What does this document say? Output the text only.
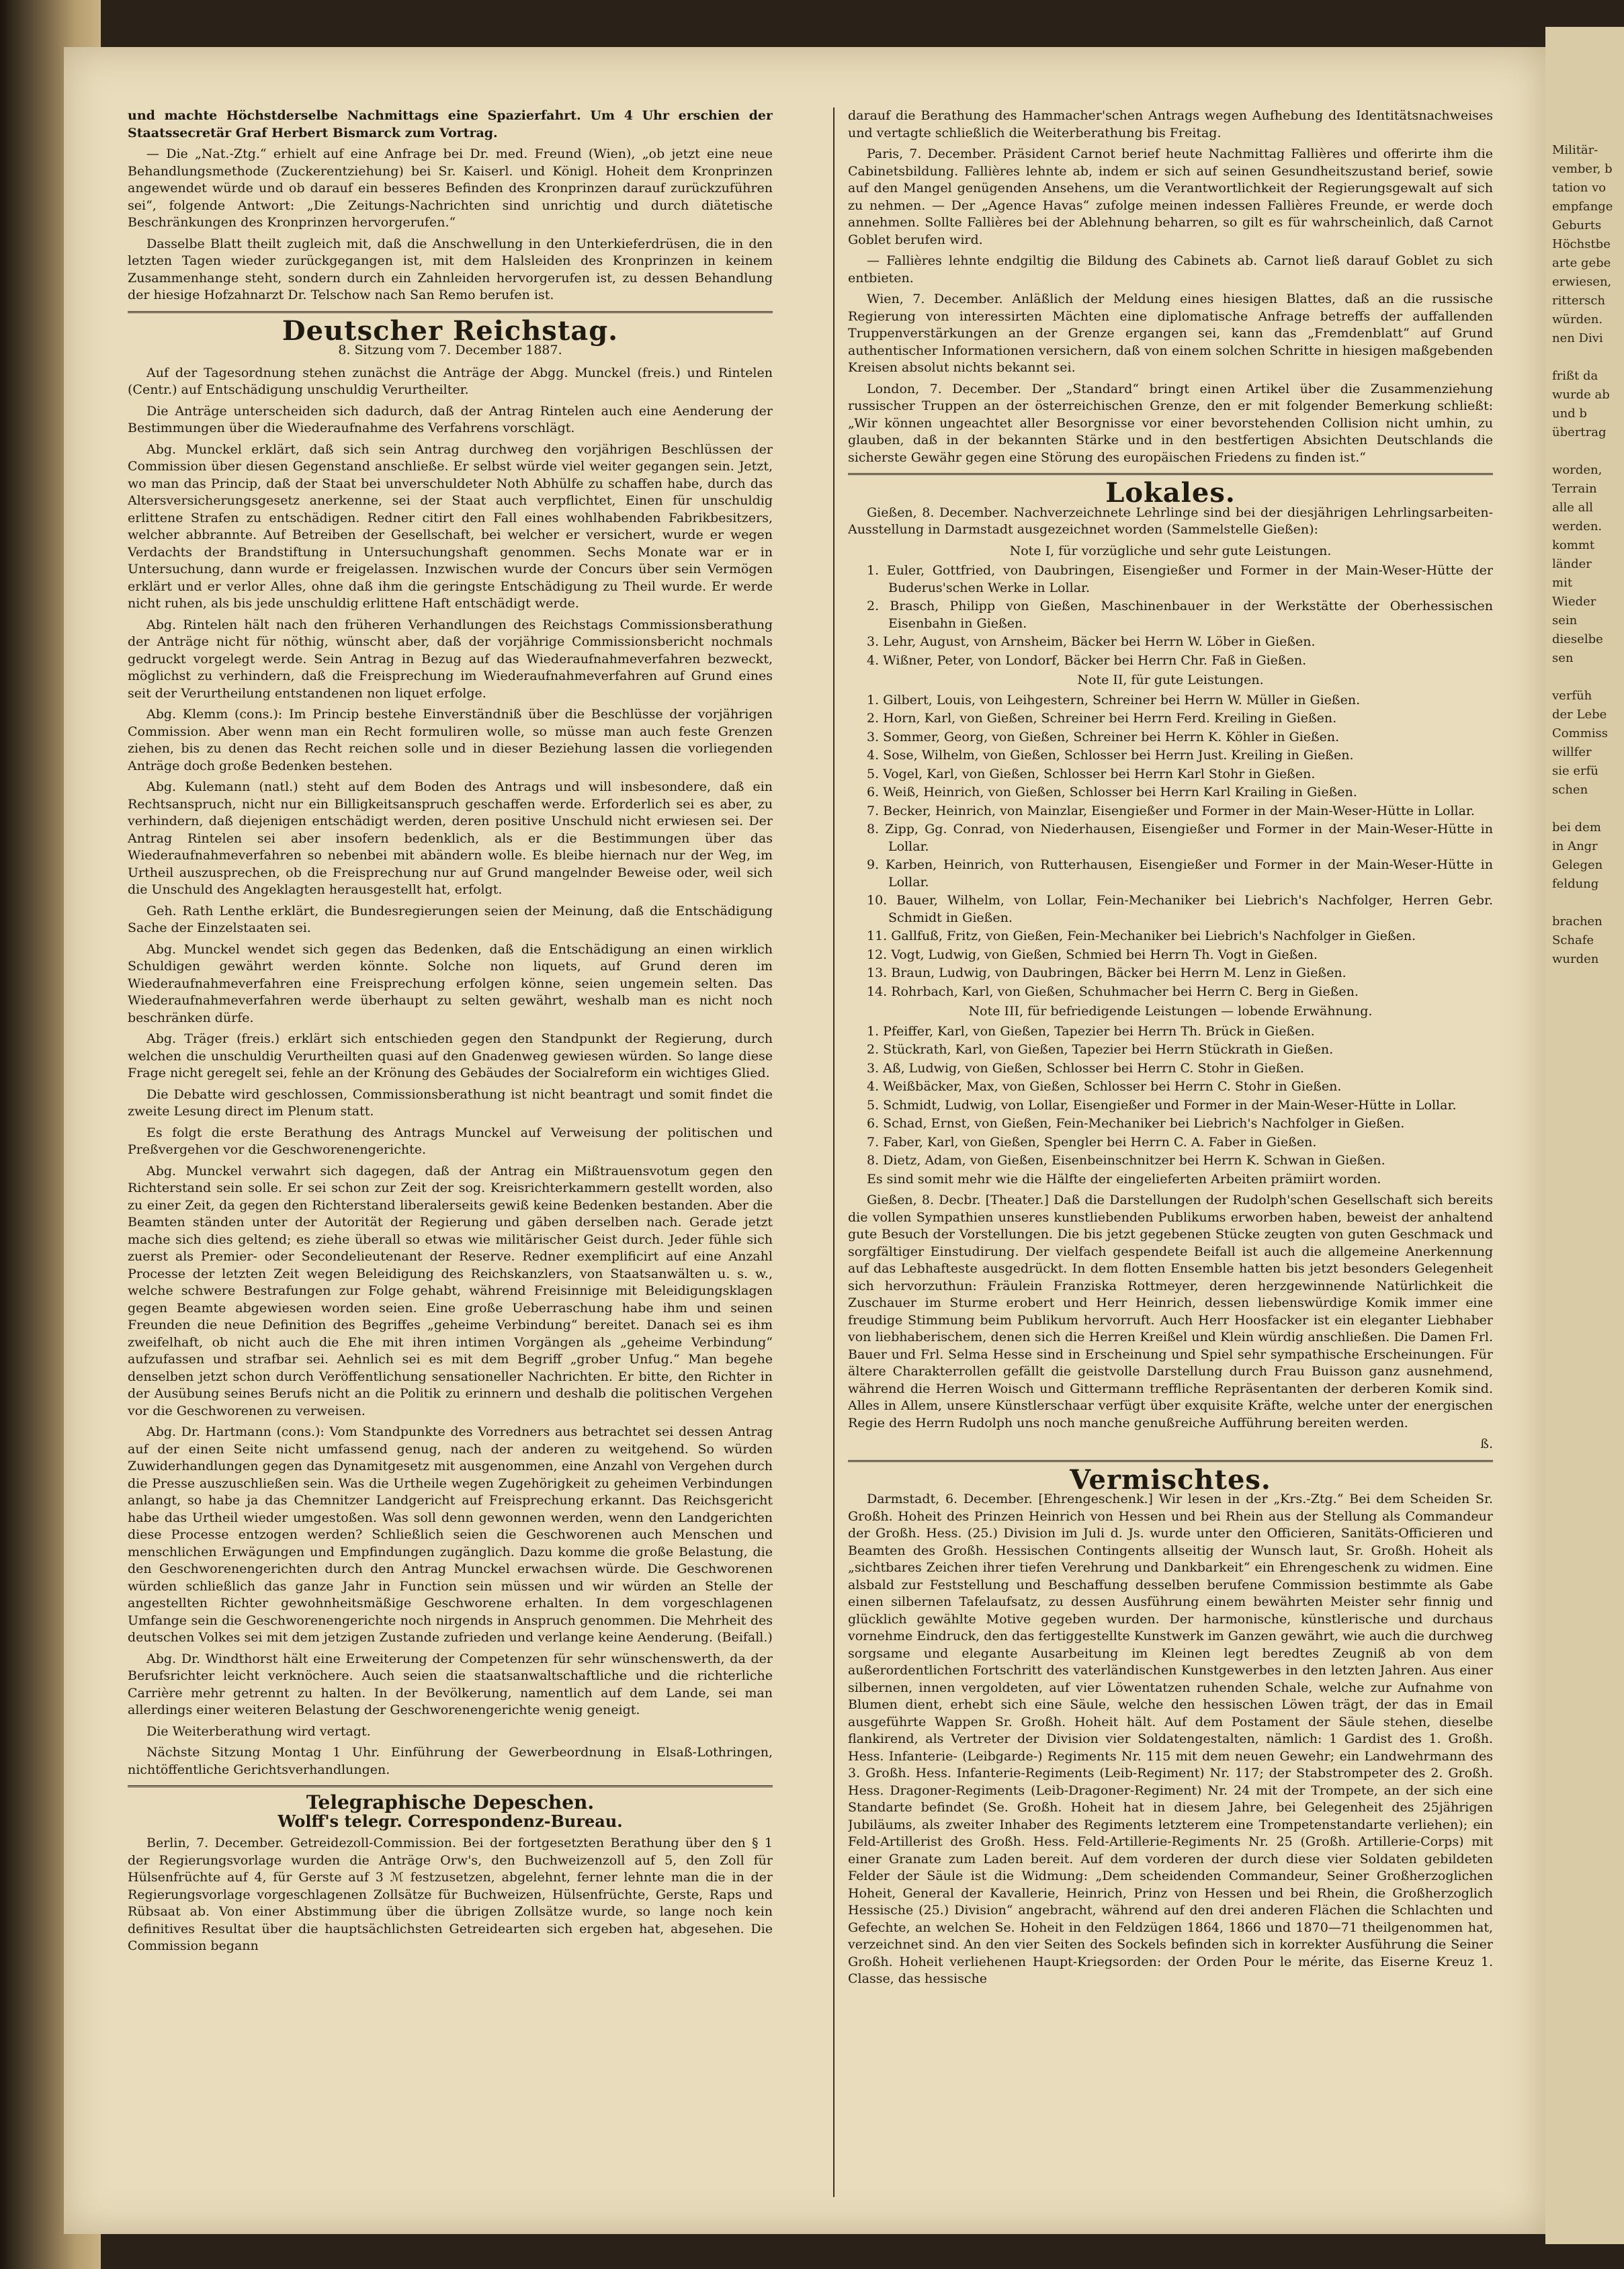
Militär-
vember, b
tation vo
empfange
Geburts
Höchstbe
arte gebe
erwiesen,
rittersch
würden.
nen Divi

frißt da
wurde ab
und b
übertrag

worden,
Terrain
alle all
werden.
kommt
länder
mit
Wieder
sein
dieselbe
sen

verfüh
der Lebe
Commiss
willfer
sie erfü
schen

bei dem
in Angr
Gelegen
feldung

brachen
Schafe
wurden

und machte Höchstderselbe Nachmittags eine Spazierfahrt. Um 4 Uhr erschien der Staatssecretär Graf Herbert Bismarck zum Vortrag.

— Die „Nat.-Ztg.“ erhielt auf eine Anfrage bei Dr. med. Freund (Wien), „ob jetzt eine neue Behandlungsmethode (Zuckerentziehung) bei Sr. Kaiserl. und Königl. Hoheit dem Kronprinzen angewendet würde und ob darauf ein besseres Befinden des Kronprinzen darauf zurückzuführen sei“, folgende Antwort: „Die Zeitungs-Nachrichten sind unrichtig und durch diätetische Beschränkungen des Kronprinzen hervorgerufen.“

Dasselbe Blatt theilt zugleich mit, daß die Anschwellung in den Unterkieferdrüsen, die in den letzten Tagen wieder zurückgegangen ist, mit dem Halsleiden des Kronprinzen in keinem Zusammenhange steht, sondern durch ein Zahnleiden hervorgerufen ist, zu dessen Behandlung der hiesige Hofzahnarzt Dr. Telschow nach San Remo berufen ist.

Deutscher Reichstag.
8. Sitzung vom 7. December 1887.

Auf der Tagesordnung stehen zunächst die Anträge der Abgg. Munckel (freis.) und Rintelen (Centr.) auf Entschädigung unschuldig Verurtheilter.

Die Anträge unterscheiden sich dadurch, daß der Antrag Rintelen auch eine Aenderung der Bestimmungen über die Wiederaufnahme des Verfahrens vorschlägt.

Abg. Munckel erklärt, daß sich sein Antrag durchweg den vorjährigen Beschlüssen der Commission über diesen Gegenstand anschließe. Er selbst würde viel weiter gegangen sein. Jetzt, wo man das Princip, daß der Staat bei unverschuldeter Noth Abhülfe zu schaffen habe, durch das Altersversicherungsgesetz anerkenne, sei der Staat auch verpflichtet, Einen für unschuldig erlittene Strafen zu entschädigen. Redner citirt den Fall eines wohlhabenden Fabrikbesitzers, welcher abbrannte. Auf Betreiben der Gesellschaft, bei welcher er versichert, wurde er wegen Verdachts der Brandstiftung in Untersuchungshaft genommen. Sechs Monate war er in Untersuchung, dann wurde er freigelassen. Inzwischen wurde der Concurs über sein Vermögen erklärt und er verlor Alles, ohne daß ihm die geringste Entschädigung zu Theil wurde. Er werde nicht ruhen, als bis jede unschuldig erlittene Haft entschädigt werde.

Abg. Rintelen hält nach den früheren Verhandlungen des Reichstags Commissionsberathung der Anträge nicht für nöthig, wünscht aber, daß der vorjährige Commissionsbericht nochmals gedruckt vorgelegt werde. Sein Antrag in Bezug auf das Wiederaufnahmeverfahren bezweckt, möglichst zu verhindern, daß die Freisprechung im Wiederaufnahmeverfahren auf Grund eines seit der Verurtheilung entstandenen non liquet erfolge.

Abg. Klemm (cons.): Im Princip bestehe Einverständniß über die Beschlüsse der vorjährigen Commission. Aber wenn man ein Recht formuliren wolle, so müsse man auch feste Grenzen ziehen, bis zu denen das Recht reichen solle und in dieser Beziehung lassen die vorliegenden Anträge doch große Bedenken bestehen.

Abg. Kulemann (natl.) steht auf dem Boden des Antrags und will insbesondere, daß ein Rechtsanspruch, nicht nur ein Billigkeitsanspruch geschaffen werde. Erforderlich sei es aber, zu verhindern, daß diejenigen entschädigt werden, deren positive Unschuld nicht erwiesen sei. Der Antrag Rintelen sei aber insofern bedenklich, als er die Bestimmungen über das Wiederaufnahmeverfahren so nebenbei mit abändern wolle. Es bleibe hiernach nur der Weg, im Urtheil auszusprechen, ob die Freisprechung nur auf Grund mangelnder Beweise oder, weil sich die Unschuld des Angeklagten herausgestellt hat, erfolgt.

Geh. Rath Lenthe erklärt, die Bundesregierungen seien der Meinung, daß die Entschädigung Sache der Einzelstaaten sei.

Abg. Munckel wendet sich gegen das Bedenken, daß die Entschädigung an einen wirklich Schuldigen gewährt werden könnte. Solche non liquets, auf Grund deren im Wiederaufnahmeverfahren eine Freisprechung erfolgen könne, seien ungemein selten. Das Wiederaufnahmeverfahren werde überhaupt zu selten gewährt, weshalb man es nicht noch beschränken dürfe.

Abg. Träger (freis.) erklärt sich entschieden gegen den Standpunkt der Regierung, durch welchen die unschuldig Verurtheilten quasi auf den Gnadenweg gewiesen würden. So lange diese Frage nicht geregelt sei, fehle an der Krönung des Gebäudes der Socialreform ein wichtiges Glied.

Die Debatte wird geschlossen, Commissionsberathung ist nicht beantragt und somit findet die zweite Lesung direct im Plenum statt.

Es folgt die erste Berathung des Antrags Munckel auf Verweisung der politischen und Preßvergehen vor die Geschworenengerichte.

Abg. Munckel verwahrt sich dagegen, daß der Antrag ein Mißtrauensvotum gegen den Richterstand sein solle. Er sei schon zur Zeit der sog. Kreisrichterkammern gestellt worden, also zu einer Zeit, da gegen den Richterstand liberalerseits gewiß keine Bedenken bestanden. Aber die Beamten ständen unter der Autorität der Regierung und gäben derselben nach. Gerade jetzt mache sich dies geltend; es ziehe überall so etwas wie militärischer Geist durch. Jeder fühle sich zuerst als Premier- oder Secondelieutenant der Reserve. Redner exemplificirt auf eine Anzahl Processe der letzten Zeit wegen Beleidigung des Reichskanzlers, von Staatsanwälten u. s. w., welche schwere Bestrafungen zur Folge gehabt, während Freisinnige mit Beleidigungsklagen gegen Beamte abgewiesen worden seien. Eine große Ueberraschung habe ihm und seinen Freunden die neue Definition des Begriffes „geheime Verbindung“ bereitet. Danach sei es ihm zweifelhaft, ob nicht auch die Ehe mit ihren intimen Vorgängen als „geheime Verbindung“ aufzufassen und strafbar sei. Aehnlich sei es mit dem Begriff „grober Unfug.“ Man begehe denselben jetzt schon durch Veröffentlichung sensationeller Nachrichten. Er bitte, den Richter in der Ausübung seines Berufs nicht an die Politik zu erinnern und deshalb die politischen Vergehen vor die Geschworenen zu verweisen.

Abg. Dr. Hartmann (cons.): Vom Standpunkte des Vorredners aus betrachtet sei dessen Antrag auf der einen Seite nicht umfassend genug, nach der anderen zu weitgehend. So würden Zuwiderhandlungen gegen das Dynamitgesetz mit ausgenommen, eine Anzahl von Vergehen durch die Presse auszuschließen sein. Was die Urtheile wegen Zugehörigkeit zu geheimen Verbindungen anlangt, so habe ja das Chemnitzer Landgericht auf Freisprechung erkannt. Das Reichsgericht habe das Urtheil wieder umgestoßen. Was soll denn gewonnen werden, wenn den Landgerichten diese Processe entzogen werden? Schließlich seien die Geschworenen auch Menschen und menschlichen Erwägungen und Empfindungen zugänglich. Dazu komme die große Belastung, die den Geschworenengerichten durch den Antrag Munckel erwachsen würde. Die Geschworenen würden schließlich das ganze Jahr in Function sein müssen und wir würden an Stelle der angestellten Richter gewohnheitsmäßige Geschworene erhalten. In dem vorgeschlagenen Umfange sein die Geschworenengerichte noch nirgends in Anspruch genommen. Die Mehrheit des deutschen Volkes sei mit dem jetzigen Zustande zufrieden und verlange keine Aenderung. (Beifall.)

Abg. Dr. Windthorst hält eine Erweiterung der Competenzen für sehr wünschenswerth, da der Berufsrichter leicht verknöchere. Auch seien die staatsanwaltschaftliche und die richterliche Carrière mehr getrennt zu halten. In der Bevölkerung, namentlich auf dem Lande, sei man allerdings einer weiteren Belastung der Geschworenengerichte wenig geneigt.

Die Weiterberathung wird vertagt.

Nächste Sitzung Montag 1 Uhr. Einführung der Gewerbeordnung in Elsaß-Lothringen, nichtöffentliche Gerichtsverhandlungen.

Telegraphische Depeschen.
Wolff's telegr. Correspondenz-Bureau.

Berlin, 7. December. Getreidezoll-Commission. Bei der fortgesetzten Berathung über den § 1 der Regierungsvorlage wurden die Anträge Orw's, den Buchweizenzoll auf 5, den Zoll für Hülsenfrüchte auf 4, für Gerste auf 3 ℳ festzusetzen, abgelehnt, ferner lehnte man die in der Regierungsvorlage vorgeschlagenen Zollsätze für Buchweizen, Hülsenfrüchte, Gerste, Raps und Rübsaat ab. Von einer Abstimmung über die übrigen Zollsätze wurde, so lange noch kein definitives Resultat über die hauptsächlichsten Getreidearten sich ergeben hat, abgesehen. Die Commission begann

darauf die Berathung des Hammacher'schen Antrags wegen Aufhebung des Identitätsnachweises und vertagte schließlich die Weiterberathung bis Freitag.

Paris, 7. December. Präsident Carnot berief heute Nachmittag Fallières und offerirte ihm die Cabinetsbildung. Fallières lehnte ab, indem er sich auf seinen Gesundheitszustand berief, sowie auf den Mangel genügenden Ansehens, um die Verantwortlichkeit der Regierungsgewalt auf sich zu nehmen. — Der „Agence Havas“ zufolge meinen indessen Fallières Freunde, er werde doch annehmen. Sollte Fallières bei der Ablehnung beharren, so gilt es für wahrscheinlich, daß Carnot Goblet berufen wird.

— Fallières lehnte endgiltig die Bildung des Cabinets ab. Carnot ließ darauf Goblet zu sich entbieten.

Wien, 7. December. Anläßlich der Meldung eines hiesigen Blattes, daß an die russische Regierung von interessirten Mächten eine diplomatische Anfrage betreffs der auffallenden Truppenverstärkungen an der Grenze ergangen sei, kann das „Fremdenblatt“ auf Grund authentischer Informationen versichern, daß von einem solchen Schritte in hiesigen maßgebenden Kreisen absolut nichts bekannt sei.

London, 7. December. Der „Standard“ bringt einen Artikel über die Zusammenziehung russischer Truppen an der österreichischen Grenze, den er mit folgender Bemerkung schließt: „Wir können ungeachtet aller Besorgnisse vor einer bevorstehenden Collision nicht umhin, zu glauben, daß in der bekannten Stärke und in den bestfertigen Absichten Deutschlands die sicherste Gewähr gegen eine Störung des europäischen Friedens zu finden ist.“

Lokales.

Gießen, 8. December. Nachverzeichnete Lehrlinge sind bei der diesjährigen Lehrlingsarbeiten-Ausstellung in Darmstadt ausgezeichnet worden (Sammelstelle Gießen):

Note I, für vorzügliche und sehr gute Leistungen.
1. Euler, Gottfried, von Daubringen, Eisengießer und Former in der Main-Weser-Hütte der Buderus'schen Werke in Lollar.
2. Brasch, Philipp von Gießen, Maschinenbauer in der Werkstätte der Oberhessischen Eisenbahn in Gießen.
3. Lehr, August, von Arnsheim, Bäcker bei Herrn W. Löber in Gießen.
4. Wißner, Peter, von Londorf, Bäcker bei Herrn Chr. Faß in Gießen.
Note II, für gute Leistungen.
1. Gilbert, Louis, von Leihgestern, Schreiner bei Herrn W. Müller in Gießen.
2. Horn, Karl, von Gießen, Schreiner bei Herrn Ferd. Kreiling in Gießen.
3. Sommer, Georg, von Gießen, Schreiner bei Herrn K. Köhler in Gießen.
4. Sose, Wilhelm, von Gießen, Schlosser bei Herrn Just. Kreiling in Gießen.
5. Vogel, Karl, von Gießen, Schlosser bei Herrn Karl Stohr in Gießen.
6. Weiß, Heinrich, von Gießen, Schlosser bei Herrn Karl Krailing in Gießen.
7. Becker, Heinrich, von Mainzlar, Eisengießer und Former in der Main-Weser-Hütte in Lollar.
8. Zipp, Gg. Conrad, von Niederhausen, Eisengießer und Former in der Main-Weser-Hütte in Lollar.
9. Karben, Heinrich, von Rutterhausen, Eisengießer und Former in der Main-Weser-Hütte in Lollar.
10. Bauer, Wilhelm, von Lollar, Fein-Mechaniker bei Liebrich's Nachfolger, Herren Gebr. Schmidt in Gießen.
11. Gallfuß, Fritz, von Gießen, Fein-Mechaniker bei Liebrich's Nachfolger in Gießen.
12. Vogt, Ludwig, von Gießen, Schmied bei Herrn Th. Vogt in Gießen.
13. Braun, Ludwig, von Daubringen, Bäcker bei Herrn M. Lenz in Gießen.
14. Rohrbach, Karl, von Gießen, Schuhmacher bei Herrn C. Berg in Gießen.
Note III, für befriedigende Leistungen — lobende Erwähnung.
1. Pfeiffer, Karl, von Gießen, Tapezier bei Herrn Th. Brück in Gießen.
2. Stückrath, Karl, von Gießen, Tapezier bei Herrn Stückrath in Gießen.
3. Aß, Ludwig, von Gießen, Schlosser bei Herrn C. Stohr in Gießen.
4. Weißbäcker, Max, von Gießen, Schlosser bei Herrn C. Stohr in Gießen.
5. Schmidt, Ludwig, von Lollar, Eisengießer und Former in der Main-Weser-Hütte in Lollar.
6. Schad, Ernst, von Gießen, Fein-Mechaniker bei Liebrich's Nachfolger in Gießen.
7. Faber, Karl, von Gießen, Spengler bei Herrn C. A. Faber in Gießen.
8. Dietz, Adam, von Gießen, Eisenbeinschnitzer bei Herrn K. Schwan in Gießen.

Es sind somit mehr wie die Hälfte der eingelieferten Arbeiten prämiirt worden.

Gießen, 8. Decbr. [Theater.] Daß die Darstellungen der Rudolph'schen Gesellschaft sich bereits die vollen Sympathien unseres kunstliebenden Publikums erworben haben, beweist der anhaltend gute Besuch der Vorstellungen. Die bis jetzt gegebenen Stücke zeugten von guten Geschmack und sorgfältiger Einstudirung. Der vielfach gespendete Beifall ist auch die allgemeine Anerkennung auf das Lebhafteste ausgedrückt. In dem flotten Ensemble hatten bis jetzt besonders Gelegenheit sich hervorzuthun: Fräulein Franziska Rottmeyer, deren herzgewinnende Natürlichkeit die Zuschauer im Sturme erobert und Herr Heinrich, dessen liebenswürdige Komik immer eine freudige Stimmung beim Publikum hervorruft. Auch Herr Hoosfacker ist ein eleganter Liebhaber von liebhaberischem, denen sich die Herren Kreißel und Klein würdig anschließen. Die Damen Frl. Bauer und Frl. Selma Hesse sind in Erscheinung und Spiel sehr sympathische Erscheinungen. Für ältere Charakterrollen gefällt die geistvolle Darstellung durch Frau Buisson ganz ausnehmend, während die Herren Woisch und Gittermann treffliche Repräsentanten der derberen Komik sind. Alles in Allem, unsere Künstlerschaar verfügt über exquisite Kräfte, welche unter der energischen Regie des Herrn Rudolph uns noch manche genußreiche Aufführung bereiten werden.

ß.
Vermischtes.

Darmstadt, 6. December. [Ehrengeschenk.] Wir lesen in der „Krs.-Ztg.“ Bei dem Scheiden Sr. Großh. Hoheit des Prinzen Heinrich von Hessen und bei Rhein aus der Stellung als Commandeur der Großh. Hess. (25.) Division im Juli d. Js. wurde unter den Officieren, Sanitäts-Officieren und Beamten des Großh. Hessischen Contingents allseitig der Wunsch laut, Sr. Großh. Hoheit als „sichtbares Zeichen ihrer tiefen Verehrung und Dankbarkeit“ ein Ehrengeschenk zu widmen. Eine alsbald zur Feststellung und Beschaffung desselben berufene Commission bestimmte als Gabe einen silbernen Tafelaufsatz, zu dessen Ausführung einem bewährten Meister sehr finnig und glücklich gewählte Motive gegeben wurden. Der harmonische, künstlerische und durchaus vornehme Eindruck, den das fertiggestellte Kunstwerk im Ganzen gewährt, wie auch die durchweg sorgsame und elegante Ausarbeitung im Kleinen legt beredtes Zeugniß ab von dem außerordentlichen Fortschritt des vaterländischen Kunstgewerbes in den letzten Jahren. Aus einer silbernen, innen vergoldeten, auf vier Löwentatzen ruhenden Schale, welche zur Aufnahme von Blumen dient, erhebt sich eine Säule, welche den hessischen Löwen trägt, der das in Email ausgeführte Wappen Sr. Großh. Hoheit hält. Auf dem Postament der Säule stehen, dieselbe flankirend, als Vertreter der Division vier Soldatengestalten, nämlich: 1 Gardist des 1. Großh. Hess. Infanterie- (Leibgarde-) Regiments Nr. 115 mit dem neuen Gewehr; ein Landwehrmann des 3. Großh. Hess. Infanterie-Regiments (Leib-Regiment) Nr. 117; der Stabstrompeter des 2. Großh. Hess. Dragoner-Regiments (Leib-Dragoner-Regiment) Nr. 24 mit der Trompete, an der sich eine Standarte befindet (Se. Großh. Hoheit hat in diesem Jahre, bei Gelegenheit des 25jährigen Jubiläums, als zweiter Inhaber des Regiments letzterem eine Trompetenstandarte verliehen); ein Feld-Artillerist des Großh. Hess. Feld-Artillerie-Regiments Nr. 25 (Großh. Artillerie-Corps) mit einer Granate zum Laden bereit. Auf dem vorderen der durch diese vier Soldaten gebildeten Felder der Säule ist die Widmung: „Dem scheidenden Commandeur, Seiner Großherzoglichen Hoheit, General der Kavallerie, Heinrich, Prinz von Hessen und bei Rhein, die Großherzoglich Hessische (25.) Division“ angebracht, während auf den drei anderen Flächen die Schlachten und Gefechte, an welchen Se. Hoheit in den Feldzügen 1864, 1866 und 1870—71 theilgenommen hat, verzeichnet sind. An den vier Seiten des Sockels befinden sich in korrekter Ausführung die Seiner Großh. Hoheit verliehenen Haupt-Kriegsorden: der Orden Pour le mérite, das Eiserne Kreuz 1. Classe, das hessische
